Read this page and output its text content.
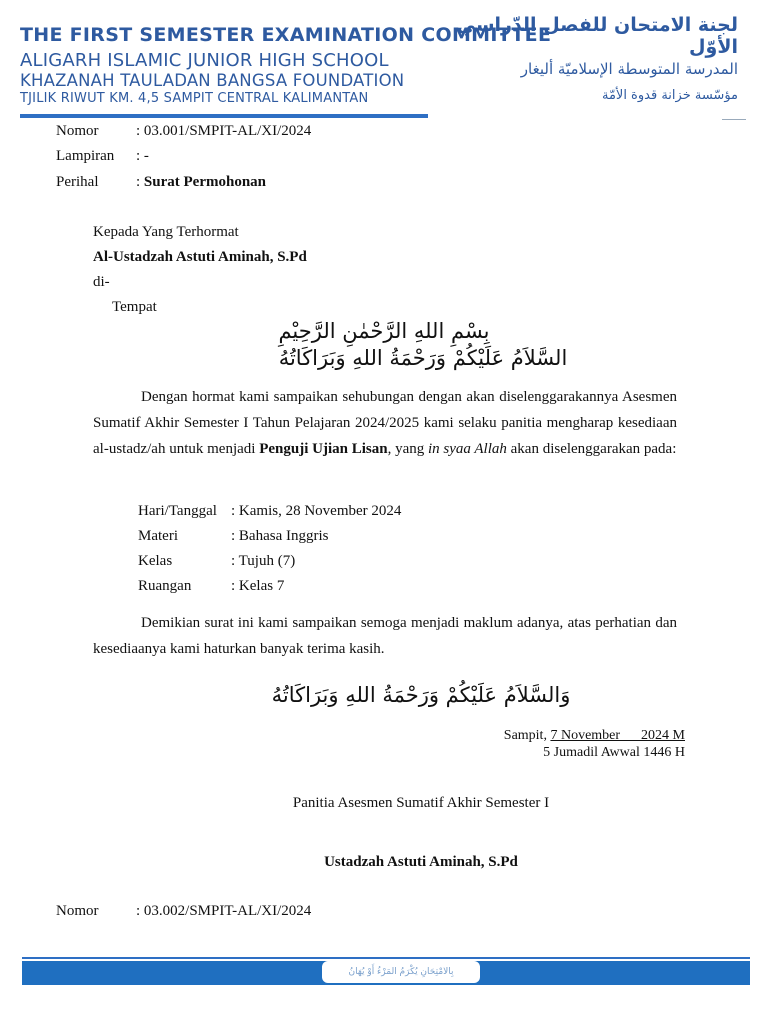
THE FIRST SEMESTER EXAMINATION COMMITTEE
ALIGARH ISLAMIC JUNIOR HIGH SCHOOL
KHAZANAH TAULADAN BANGSA FOUNDATION
TJILIK RIWUT KM. 4,5 SAMPIT CENTRAL KALIMANTAN
لجنة الامتحان للفصل الدّراسي الأوّل
المدرسة المتوسطة الإسلاميّة أليغار
مؤسّسة خزانة قدوة الأمّة
Nomor	: 03.001/SMPIT-AL/XI/2024
Lampiran : -
Perihal	: Surat Permohonan
Kepada Yang Terhormat
Al-Ustadzah Astuti Aminah, S.Pd
di-
Tempat
بِسْمِ اللهِ الرَّحْمٰنِ الرَّحِيْمِ
السَّلاَمُ عَلَيْكُمْ وَرَحْمَةُ اللهِ وَبَرَاكَاتُهُ
Dengan hormat kami sampaikan sehubungan dengan akan diselenggarakannya Asesmen Sumatif Akhir Semester I Tahun Pelajaran 2024/2025 kami selaku panitia mengharap kesediaan al-ustadz/ah untuk menjadi Penguji Ujian Lisan, yang in syaa Allah akan diselenggarakan pada:
Hari/Tanggal : Kamis, 28 November 2024
Materi	: Bahasa Inggris
Kelas	: Tujuh (7)
Ruangan	: Kelas 7
Demikian surat ini kami sampaikan semoga menjadi maklum adanya, atas perhatian dan kesediaanya kami haturkan banyak terima kasih.
وَالسَّلاَمُ عَلَيْكُمْ وَرَحْمَةُ اللهِ وَبَرَاكَاتُهُ
Sampit, 7 November      2024 M
5 Jumadil Awwal 1446 H
Panitia Asesmen Sumatif Akhir Semester I
Ustadzah Astuti Aminah, S.Pd
Nomor	: 03.002/SMPIT-AL/XI/2024
بِالامْتِحَانِ يُكْرَمُ المَرْءُ أَوْ يُهَانُ
